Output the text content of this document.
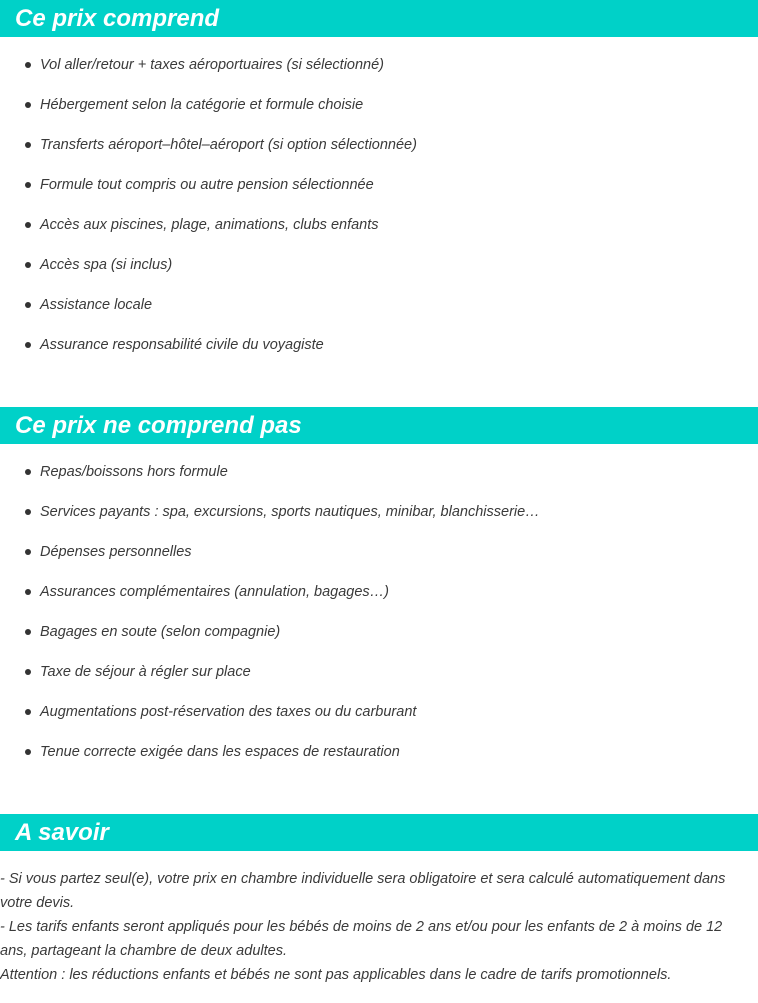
Ce prix comprend
Vol aller/retour + taxes aéroportuaires (si sélectionné)
Hébergement selon la catégorie et formule choisie
Transferts aéroport–hôtel–aéroport (si option sélectionnée)
Formule tout compris ou autre pension sélectionnée
Accès aux piscines, plage, animations, clubs enfants
Accès spa (si inclus)
Assistance locale
Assurance responsabilité civile du voyagiste
Ce prix ne comprend pas
Repas/boissons hors formule
Services payants : spa, excursions, sports nautiques, minibar, blanchisserie…
Dépenses personnelles
Assurances complémentaires (annulation, bagages…)
Bagages en soute (selon compagnie)
Taxe de séjour à régler sur place
Augmentations post-réservation des taxes ou du carburant
Tenue correcte exigée dans les espaces de restauration
A savoir

- Si vous partez seul(e), votre prix en chambre individuelle sera obligatoire et sera calculé automatiquement dans votre devis.

- Les tarifs enfants seront appliqués pour les bébés de moins de 2 ans et/ou pour les enfants de 2 à moins de 12 ans, partageant la chambre de deux adultes.

Attention : les réductions enfants et bébés ne sont pas applicables dans le cadre de tarifs promotionnels.
